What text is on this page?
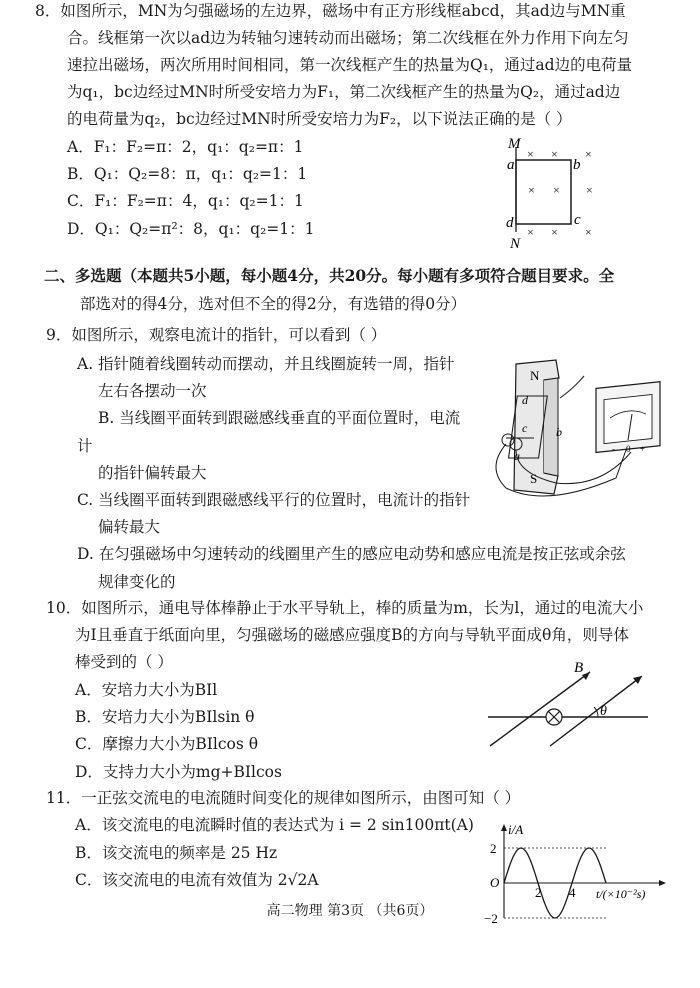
8．如图所示，MN为匀强磁场的左边界，磁场中有正方形线框abcd，其ad边与MN重
合。线框第一次以ad边为转轴匀速转动而出磁场；第二次线框在外力作用下向左匀
速拉出磁场，两次所用时间相同，第一次线框产生的热量为Q₁，通过ad边的电荷量
为q₁，bc边经过MN时所受安培力为F₁，第二次线框产生的热量为Q₂，通过ad边
的电荷量为q₂，bc边经过MN时所受安培力为F₂，以下说法正确的是（ ）
A．F₁：F₂=π：2，q₁：q₂=π：1
B．Q₁：Q₂=8：π，q₁：q₂=1：1
C．F₁：F₂=π：4，q₁：q₂=1：1
D．Q₁：Q₂=π²：8，q₁：q₂=1：1
M
N
a	b
c
d
× × ×
× × ×
× × ×
二、多选题（本题共5小题，每小题4分，共20分。每小题有多项符合题目要求。全
部选对的得4分，选对但不全的得2分，有选错的得0分）
9．如图所示，观察电流计的指针，可以看到（ ）
A. 指针随着线圈转动而摆动，并且线圈旋转一周，指针
左右各摆动一次
B. 当线圈平面转到跟磁感线垂直的平面位置时，电流
计
的指针偏转最大
C. 当线圈平面转到跟磁感线平行的位置时，电流计的指针
偏转最大
D. 在匀强磁场中匀速转动的线圈里产生的感应电动势和感应电流是按正弦或余弦
规律变化的
N
S
a
b
c
d
- 0 +
10．如图所示，通电导体棒静止于水平导轨上，棒的质量为m，长为l，通过的电流大小
为I且垂直于纸面向里，匀强磁场的磁感应强度B的方向与导轨平面成θ角，则导体
棒受到的（ ）
A．安培力大小为BIl
B．安培力大小为BIlsin θ
C．摩擦力大小为BIlcos θ
D．支持力大小为mg+BIlcos
B
θ
11．一正弦交流电的电流随时间变化的规律如图所示，由图可知（ ）
A．该交流电的电流瞬时值的表达式为 i = 2 sin100πt(A)
B．该交流电的频率是 25 Hz
C．该交流电的电流有效值为 2√2A
i/A
t/(×10⁻²s)
O
2
−2
2 4
高二物理 第3页 （共6页）
